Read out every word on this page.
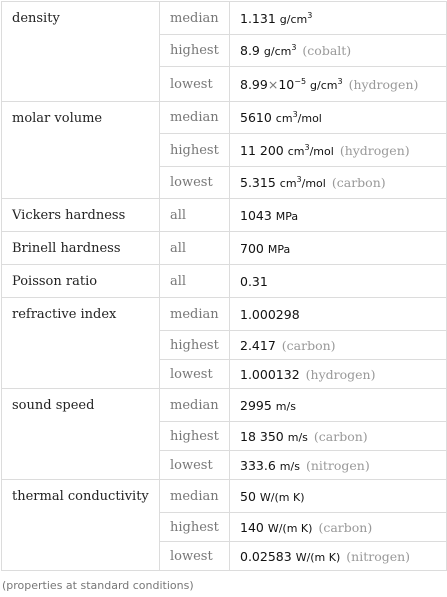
density	median	1.131 $g/cm^3$
	highest	8.9 $g/cm^3$ (cobalt)
	lowest	$8.99\times 10^{-5}$ $g/cm^3$ (hydrogen)
molar volume	median	5610 $cm^3$/mol
	highest	11 200 $cm^3$/mol (hydrogen)
	lowest	5.315 $cm^3$/mol (carbon)
Vickers hardness	all	1043 MPa
Brinell hardness	all	700 MPa
Poisson ratio	all	0.31
refractive index	median	1.000298
	highest	2.417 (carbon)
	lowest	1.000132 (hydrogen)
sound speed	median	2995 m/s
	highest	18 350 m/s (carbon)
	lowest	333.6 m/s (nitrogen)
thermal conductivity	median	50 W/(m K)
	highest	140 W/(m K) (carbon)
	lowest	0.02583 W/(m K) (nitrogen)
(properties at standard conditions)
